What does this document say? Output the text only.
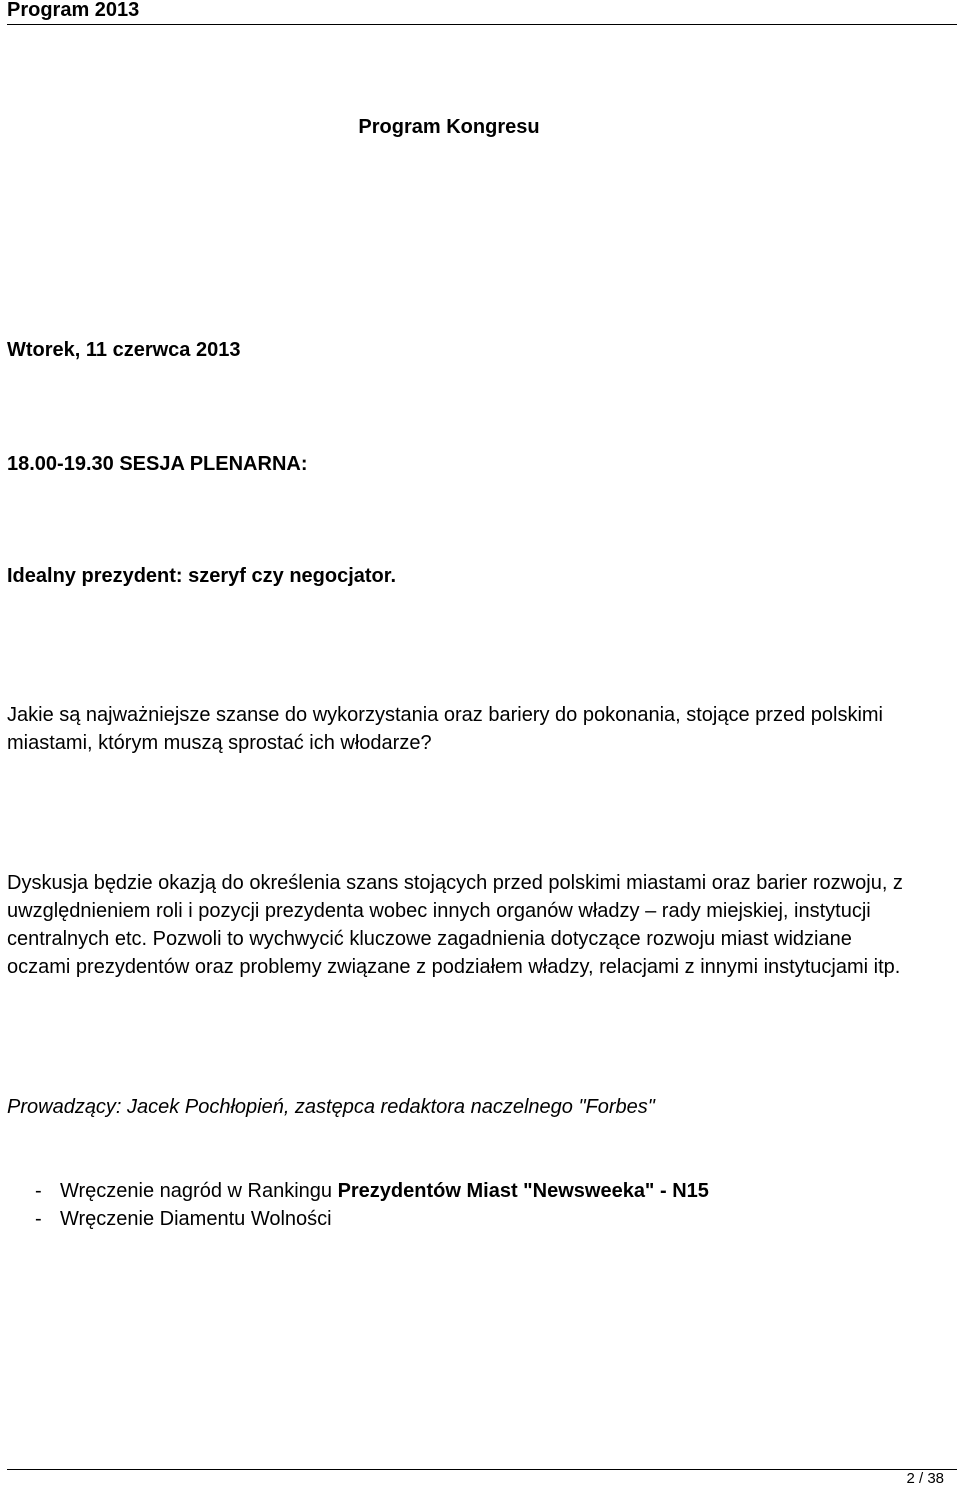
Program 2013
Program Kongresu
Wtorek, 11 czerwca 2013
18.00-19.30 SESJA PLENARNA:
Idealny prezydent: szeryf czy negocjator.
Jakie są najważniejsze szanse do wykorzystania oraz bariery do pokonania, stojące przed polskimi miastami, którym muszą sprostać ich włodarze?
Dyskusja będzie okazją do określenia szans stojących przed polskimi miastami oraz barier rozwoju, z uwzględnieniem roli i pozycji prezydenta wobec innych organów władzy – rady miejskiej, instytucji centralnych etc. Pozwoli to wychwycić kluczowe zagadnienia dotyczące rozwoju miast widziane oczami prezydentów oraz problemy związane z podziałem władzy, relacjami z innymi instytucjami itp.
Prowadzący: Jacek Pochłopień, zastępca redaktora naczelnego "Forbes"
- Wręczenie nagród w Rankingu Prezydentów Miast "Newsweeka" - N15
- Wręczenie Diamentu Wolności
2 / 38
